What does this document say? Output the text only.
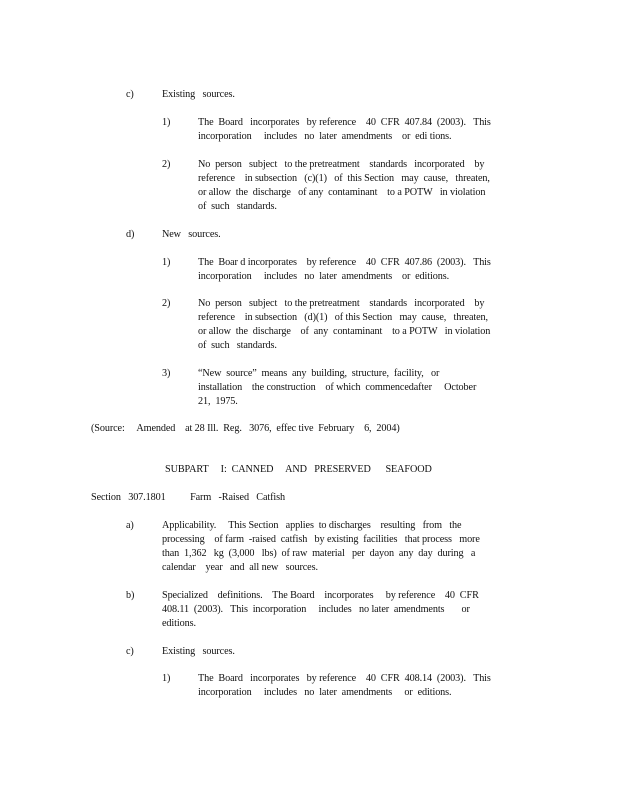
c)	Existing   sources.

1)	The  Board   incorporates   by reference    40  CFR  407.84  (2003).   This

incorporation     includes   no  later  amendments    or  edi tions.

2)	No  person   subject   to the pretreatment    standards   incorporated    by

reference    in subsection   (c)(1)   of  this Section   may  cause,   threaten,

or allow  the  discharge   of any  contaminant    to a POTW   in violation

of  such   standards.

d)	New   sources.

1)	The  Boar d incorporates    by reference    40  CFR  407.86  (2003).   This

incorporation     includes   no  later  amendments    or  editions.

2)	No  person   subject   to the pretreatment    standards   incorporated    by

reference    in subsection   (d)(1)   of this Section   may  cause,   threaten,

or allow  the  discharge    of  any  contaminant    to a POTW   in violation

of  such   standards.

3)	“New  source”  means  any  building,  structure,  facility,   or

installation    the construction    of which  commencedafter     October

21,  1975.

(Source:     Amended    at 28 Ill.  Reg.   3076,  effec tive  February    6,  2004)

SUBPART     I:  CANNED     AND   PRESERVED      SEAFOOD

Section   307.1801          Farm   -Raised   Catfish

a)	Applicability.     This Section   applies  to discharges    resulting   from   the

processing    of farm  -raised  catfish   by existing  facilities   that process   more

than  1,362   kg  (3,000   lbs)  of raw  material   per  dayon  any  day  during   a

calendar    year   and  all new   sources.

b)	Specialized    definitions.    The Board    incorporates     by reference    40  CFR

408.11  (2003).   This  incorporation     includes   no later  amendments       or

editions.

c)	Existing   sources.

1)	The  Board   incorporates   by reference    40  CFR  408.14  (2003).   This

incorporation     includes   no  later  amendments     or  editions.
